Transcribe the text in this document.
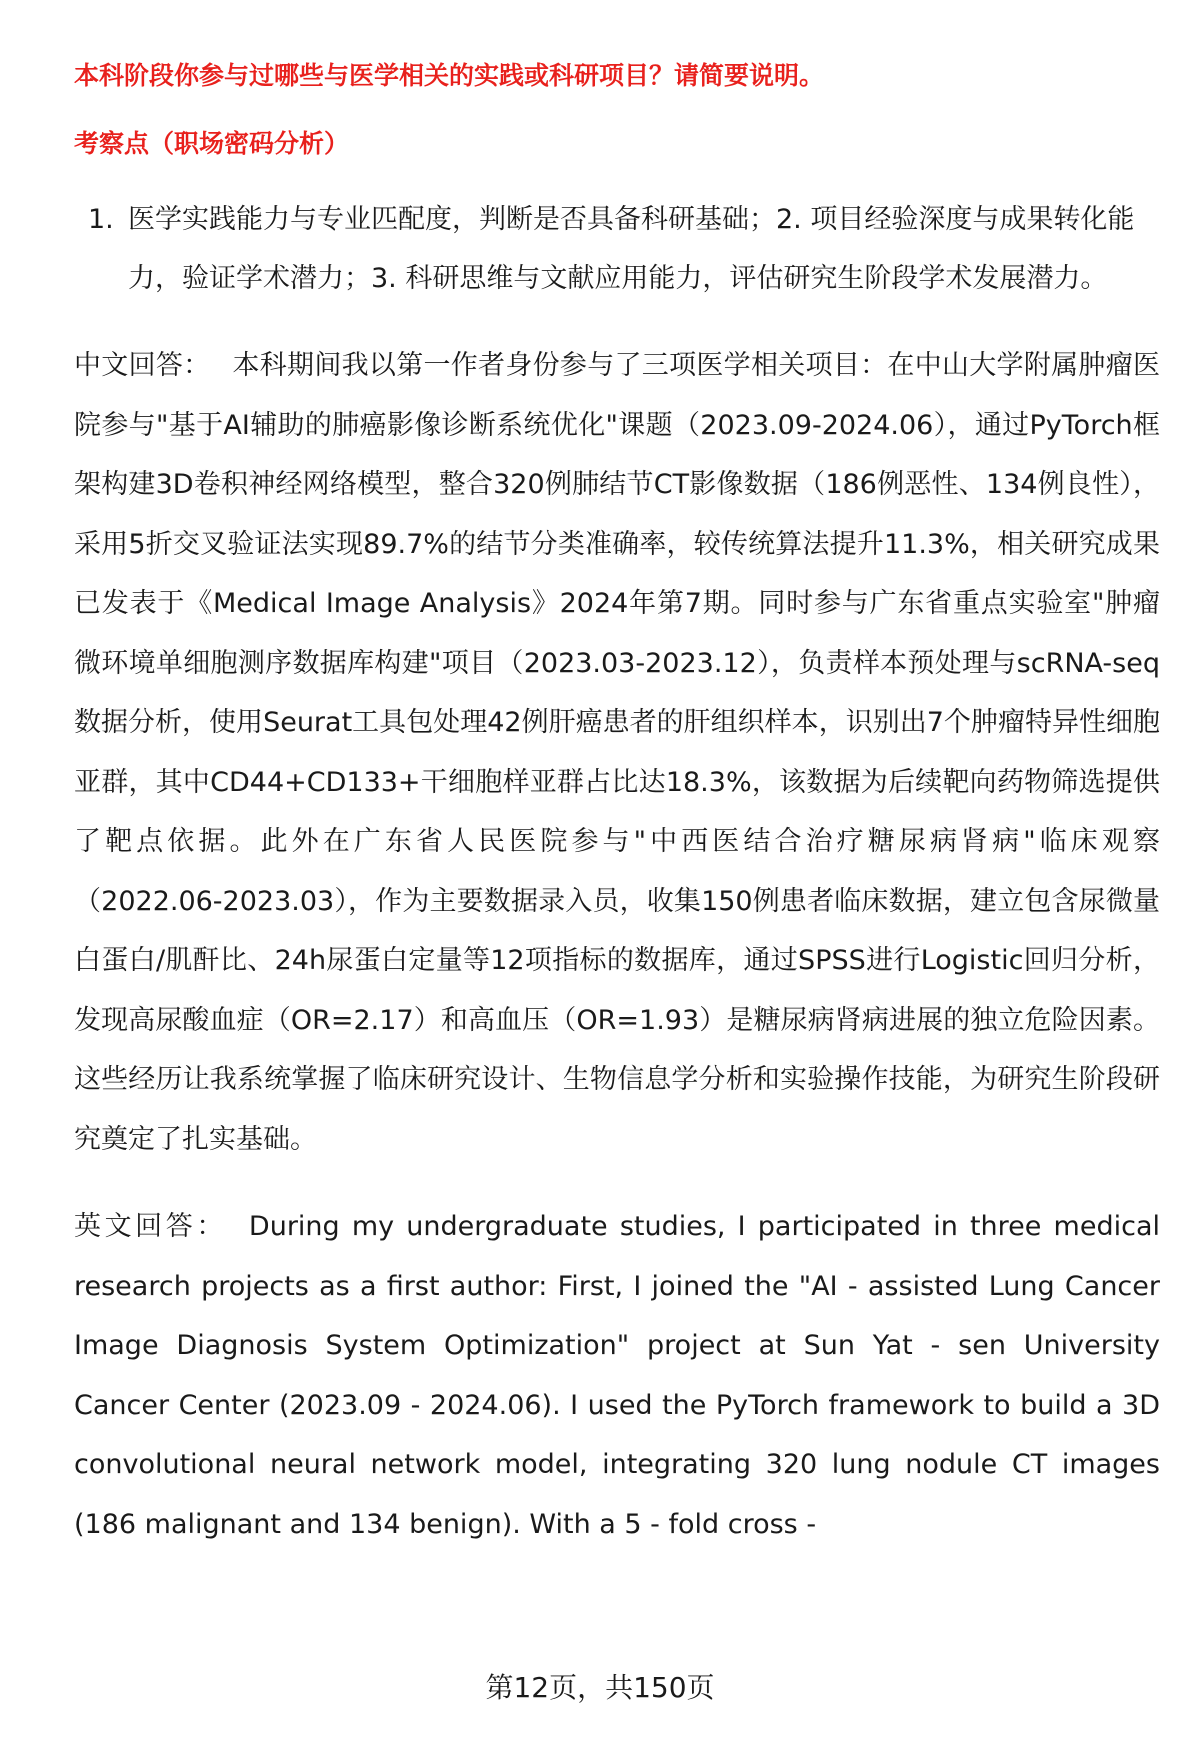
本科阶段你参与过哪些与医学相关的实践或科研项目？请简要说明。
考察点（职场密码分析）
1. 医学实践能力与专业匹配度，判断是否具备科研基础；2. 项目经验深度与成果转化能力，验证学术潜力；3. 科研思维与文献应用能力，评估研究生阶段学术发展潜力。

中文回答： 本科期间我以第一作者身份参与了三项医学相关项目：在中山大学附属肿瘤医院参与"基于AI辅助的肺癌影像诊断系统优化"课题（2023.09-2024.06），通过PyTorch框架构建3D卷积神经网络模型，整合320例肺结节CT影像数据（186例恶性、134例良性），采用5折交叉验证法实现89.7%的结节分类准确率，较传统算法提升11.3%，相关研究成果已发表于《Medical Image Analysis》2024年第7期。同时参与广东省重点实验室"肿瘤微环境单细胞测序数据库构建"项目（2023.03-2023.12），负责样本预处理与scRNA-seq数据分析，使用Seurat工具包处理42例肝癌患者的肝组织样本，识别出7个肿瘤特异性细胞亚群，其中CD44+CD133+干细胞样亚群占比达18.3%，该数据为后续靶向药物筛选提供了靶点依据。此外在广东省人民医院参与"中西医结合治疗糖尿病肾病"临床观察（2022.06-2023.03），作为主要数据录入员，收集150例患者临床数据，建立包含尿微量白蛋白/肌酐比、24h尿蛋白定量等12项指标的数据库，通过SPSS进行Logistic回归分析，发现高尿酸血症（OR=2.17）和高血压（OR=1.93）是糖尿病肾病进展的独立危险因素。这些经历让我系统掌握了临床研究设计、生物信息学分析和实验操作技能，为研究生阶段研究奠定了扎实基础。

英文回答： During my undergraduate studies, I participated in three medical research projects as a first author: First, I joined the "AI - assisted Lung Cancer Image Diagnosis System Optimization" project at Sun Yat - sen University Cancer Center (2023.09 - 2024.06). I used the PyTorch framework to build a 3D convolutional neural network model, integrating 320 lung nodule CT images (186 malignant and 134 benign). With a 5 - fold cross -

第12页，共150页
